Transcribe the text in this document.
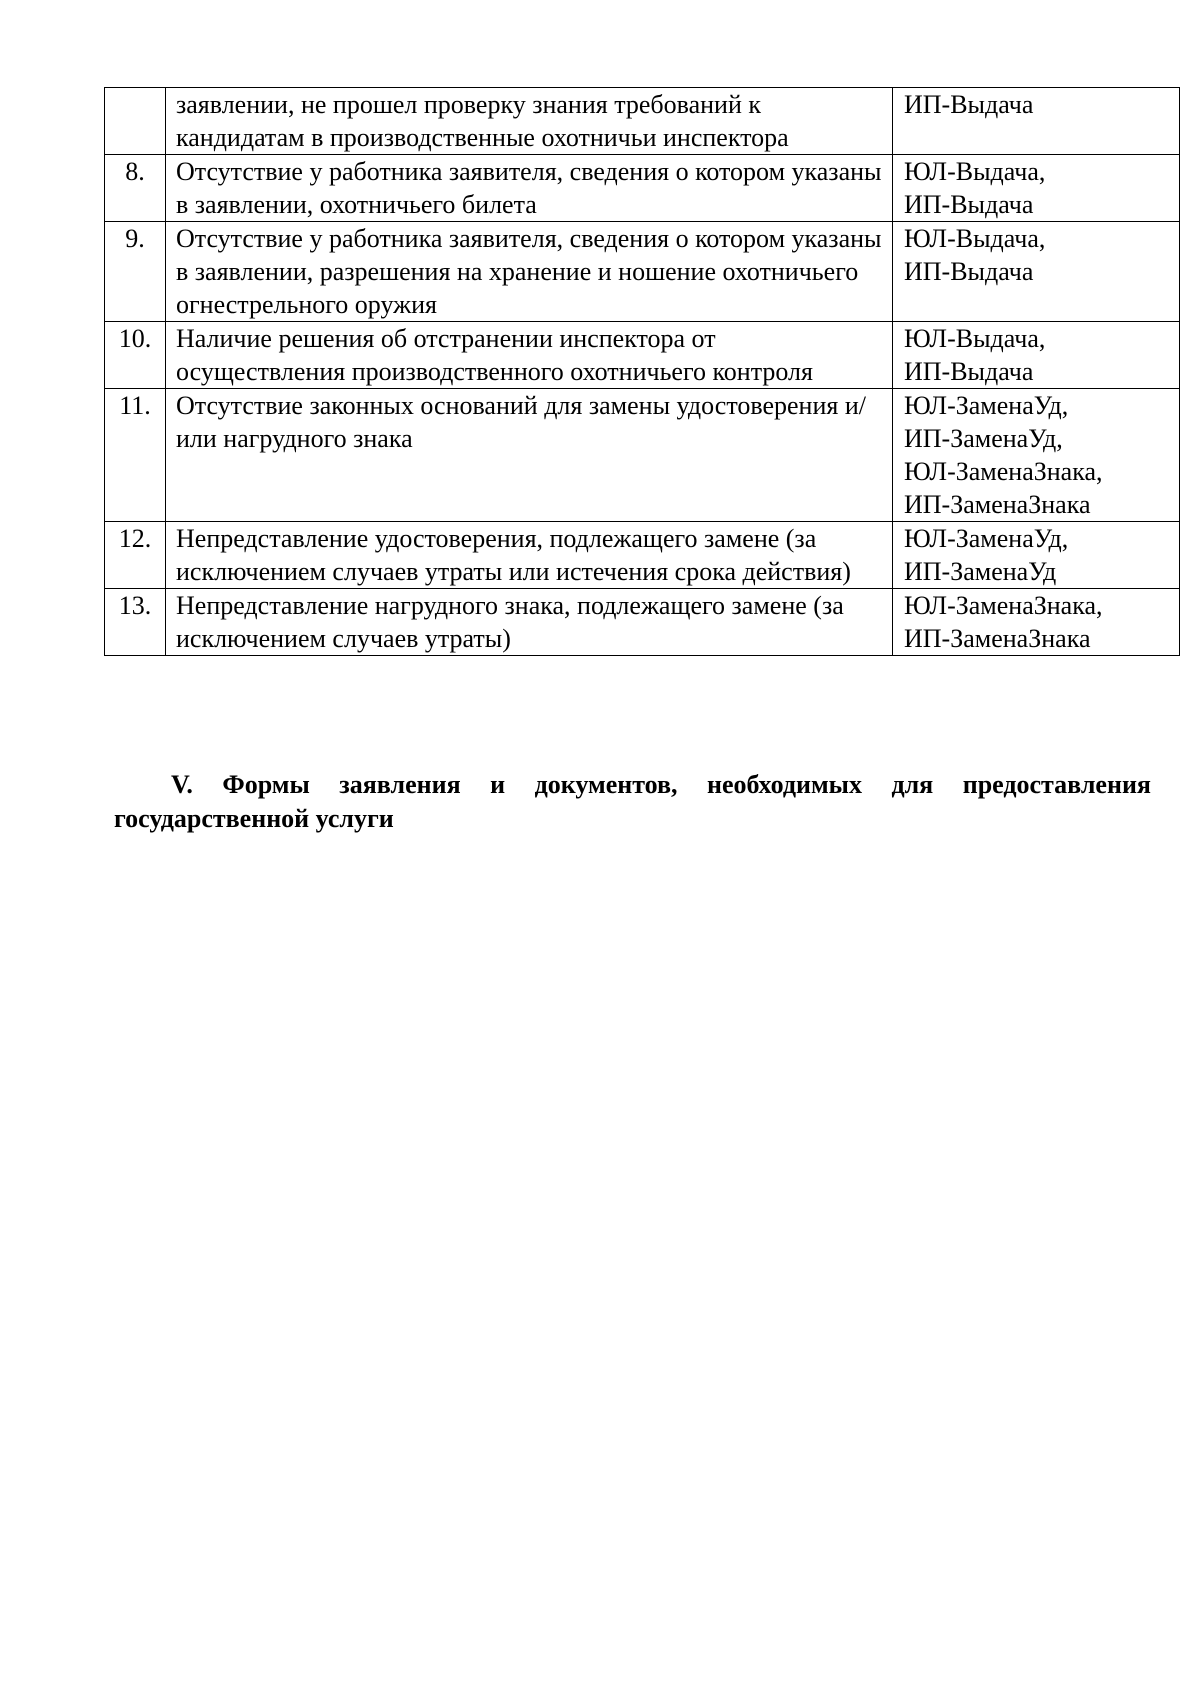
	заявлении, не прошел проверку знания требований к кандидатам в производственные охотничьи инспектора	ИП-Выдача

8.	Отсутствие у работника заявителя, сведения о котором указаны в заявлении, охотничьего билета	ЮЛ-Выдача,
ИП-Выдача

9.	Отсутствие у работника заявителя, сведения о котором указаны в заявлении, разрешения на хранение и ношение охотничьего огнестрельного оружия	ЮЛ-Выдача,
ИП-Выдача

10.	Наличие решения об отстранении инспектора от осуществления производственного охотничьего контроля	ЮЛ-Выдача,
ИП-Выдача

11.	Отсутствие законных оснований для замены удостоверения и/или нагрудного знака	ЮЛ-ЗаменаУд,
ИП-ЗаменаУд,
ЮЛ-ЗаменаЗнака,
ИП-ЗаменаЗнака

12.	Непредставление удостоверения, подлежащего замене (за исключением случаев утраты или истечения срока действия)	ЮЛ-ЗаменаУд,
ИП-ЗаменаУд

13.	Непредставление нагрудного знака, подлежащего замене (за исключением случаев утраты)	ЮЛ-ЗаменаЗнака,
ИП-ЗаменаЗнака
V. Формы заявления и документов, необходимых для предоставления
государственной услуги
